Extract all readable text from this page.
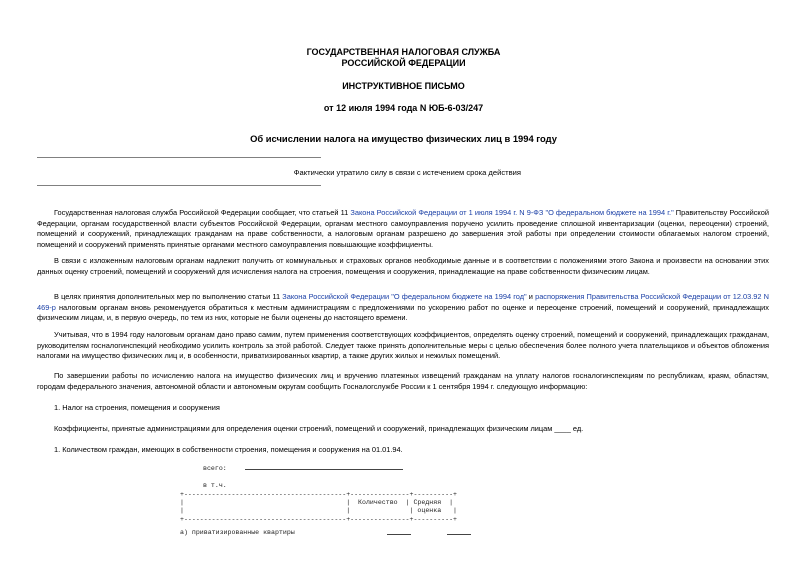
ГОСУДАРСТВЕННАЯ НАЛОГОВАЯ СЛУЖБА
РОССИЙСКОЙ ФЕДЕРАЦИИ
ИНСТРУКТИВНОЕ ПИСЬМО
от 12 июля 1994 года N ЮБ-6-03/247
Об исчислении налога на имущество физических лиц в 1994 году
Фактически утратило силу в связи с истечением срока действия
Государственная налоговая служба Российской Федерации сообщает, что статьей 11 Закона Российской Федерации от 1 июля 1994 г. N 9-ФЗ "О федеральном бюджете на 1994 г." Правительству Российской Федерации, органам государственной власти субъектов Российской Федерации, органам местного самоуправления поручено усилить проведение сплошной инвентаризации (оценки, переоценки) строений, помещений и сооружений, принадлежащих гражданам на праве собственности, а налоговым органам разрешено до завершения этой работы при определении стоимости облагаемых налогом строений, помещений и сооружений применять принятые органами местного самоуправления повышающие коэффициенты.
В связи с изложенным налоговым органам надлежит получить от коммунальных и страховых органов необходимые данные и в соответствии с положениями этого Закона и произвести на основании этих данных оценку строений, помещений и сооружений для исчисления налога на строения, помещения и сооружения, принадлежащие на праве собственности физическим лицам.
В целях принятия дополнительных мер по выполнению статьи 11 Закона Российской Федерации "О федеральном бюджете на 1994 год" и распоряжения Правительства Российской Федерации от 12.03.92 N 469-р налоговым органам вновь рекомендуется обратиться к местным администрациям с предложениями по ускорению работ по оценке и переоценке строений, помещений и сооружений, принадлежащих физическим лицам, и, в первую очередь, по тем из них, которые не были оценены до настоящего времени.
Учитывая, что в 1994 году налоговым органам дано право самим, путем применения соответствующих коэффициентов, определять оценку строений, помещений и сооружений, принадлежащих гражданам, руководителям госналогинспекций необходимо усилить контроль за этой работой. Следует также принять дополнительные меры с целью обеспечения более полного учета плательщиков и объектов обложения налогами на имущество физических лиц и, в особенности, приватизированных квартир, а также других жилых и нежилых помещений.
По завершении работы по исчислению налога на имущество физических лиц и вручению платежных извещений гражданам на уплату налогов госналогинспекциям по республикам, краям, областям, городам федерального значения, автономной области и автономным округам сообщить Госналогслужбе России к 1 сентября 1994 г. следующую информацию:
1. Налог на строения, помещения и сооружения
Коэффициенты, принятые администрациями для определения оценки строений, помещений и сооружений, принадлежащих физическим лицам ____ ед.
1. Количеством граждан, имеющих в собственности строения, помещения и сооружения на 01.01.94.
всего:
в т.ч.
+-----------------------------------------+---------------+----------+
|                                         |  Количество  | Средняя  |
|                                         |               | оценка   |
+-----------------------------------------+---------------+----------+
а) приватизированные квартиры
